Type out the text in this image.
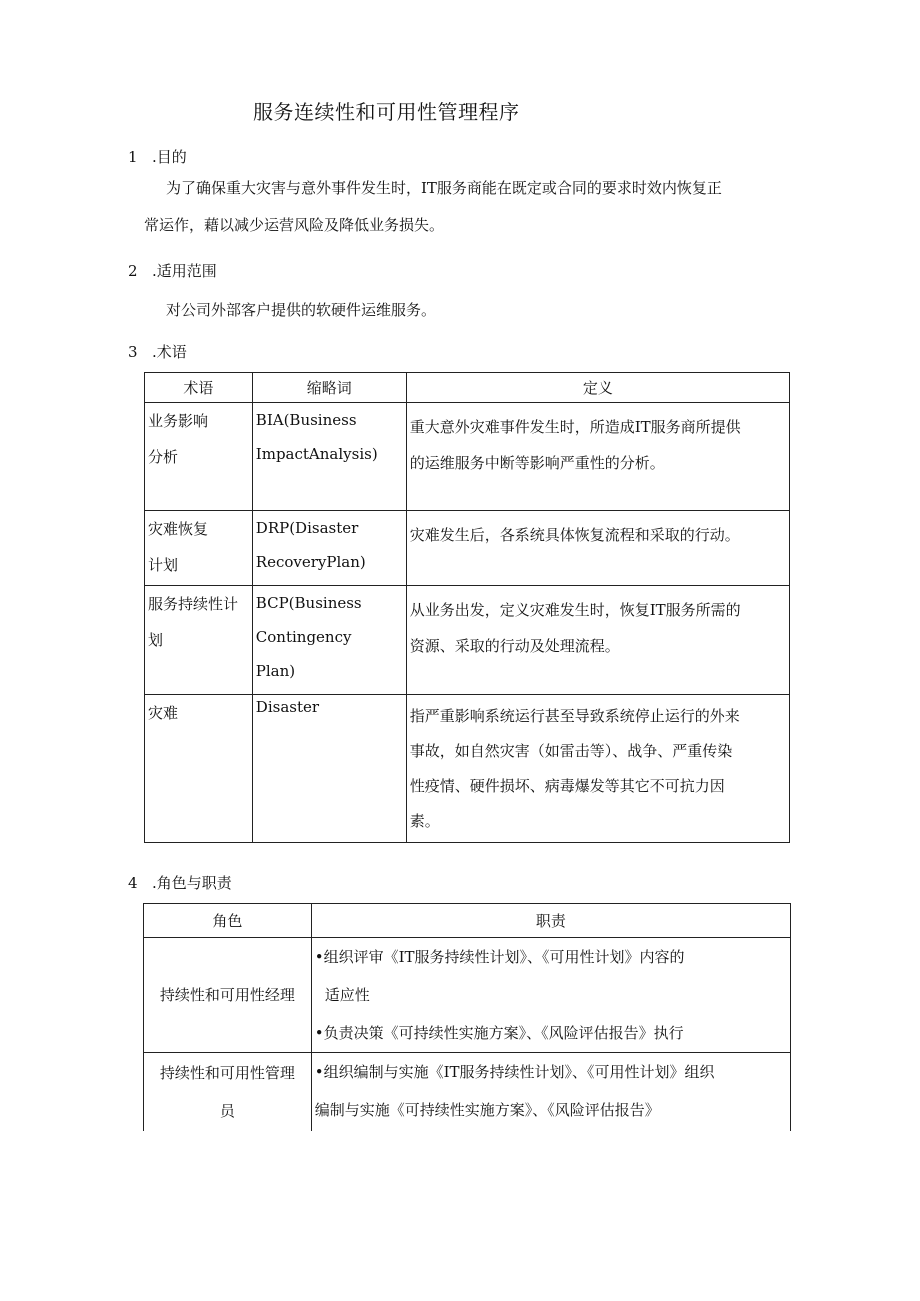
服务连续性和可用性管理程序

1 .目的

为了确保重大灾害与意外事件发生时，IT服务商能在既定或合同的要求时效内恢复正

常运作，藉以减少运营风险及降低业务损失。

2 .适用范围

对公司外部客户提供的软硬件运维服务。

3 .术语

术语	缩略词	定义

业务影响
分析	BIA(Business
ImpactAnalysis)	重大意外灾难事件发生时，所造成IT服务商所提供
的运维服务中断等影响严重性的分析。

灾难恢复
计划	DRP(Disaster
RecoveryPlan)	灾难发生后，各系统具体恢复流程和采取的行动。

服务持续性计
划	BCP(Business
Contingency
Plan)	从业务出发，定义灾难发生时，恢复IT服务所需的
资源、采取的行动及处理流程。

灾难	Disaster	指严重影响系统运行甚至导致系统停止运行的外来
事故，如自然灾害（如雷击等）、战争、严重传染
性疫情、硬件损坏、病毒爆发等其它不可抗力因
素。

4 .角色与职责

角色	职责

持续性和可用性经理	•组织评审《IT服务持续性计划》、《可用性计划》内容的
适应性
•负责决策《可持续性实施方案》、《风险评估报告》执行

持续性和可用性管理
员	•组织编制与实施《IT服务持续性计划》、《可用性计划》组织
编制与实施《可持续性实施方案》、《风险评估报告》
